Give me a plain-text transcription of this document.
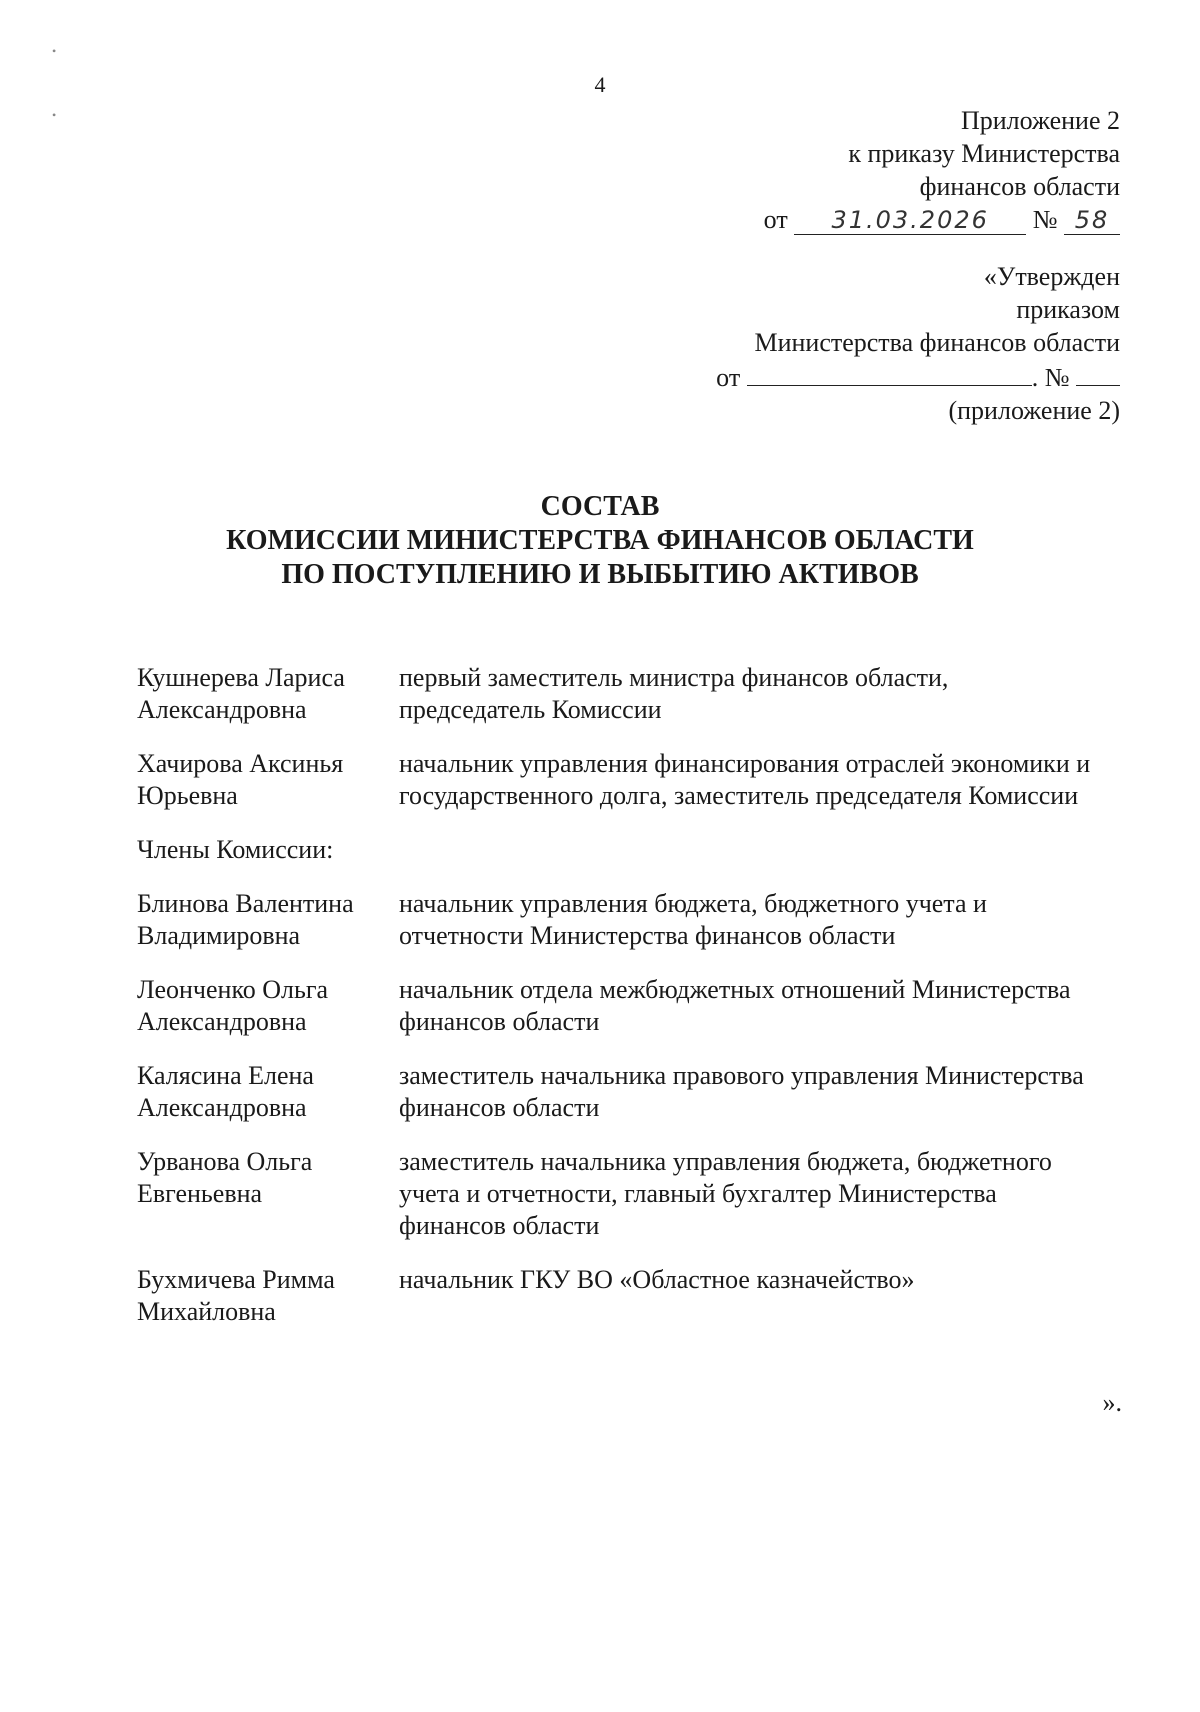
•
•
4
Приложение 2
к приказу Министерства
финансов области
от 31.03.2026 № 58
«Утвержден
приказом
Министерства финансов области
от	. №
(приложение 2)
СОСТАВ
КОМИССИИ МИНИСТЕРСТВА ФИНАНСОВ ОБЛАСТИ
ПО ПОСТУПЛЕНИЮ И ВЫБЫТИЮ АКТИВОВ
Кушнерева Лариса Александровна
первый заместитель министра финансов области, председатель Комиссии
Хачирова Аксинья Юрьевна
начальник управления финансирования отраслей экономики и государственного долга, заместитель председателя Комиссии
Члены Комиссии:
Блинова Валентина Владимировна
начальник управления бюджета, бюджетного учета и отчетности Министерства финансов области
Леонченко Ольга Александровна
начальник отдела межбюджетных отношений Министерства финансов области
Калясина Елена Александровна
заместитель начальника правового управления Министерства финансов области
Урванова Ольга Евгеньевна
заместитель начальника управления бюджета, бюджетного учета и отчетности, главный бухгалтер Министерства финансов области
Бухмичева Римма Михайловна
начальник ГКУ ВО «Областное казначейство»
».
